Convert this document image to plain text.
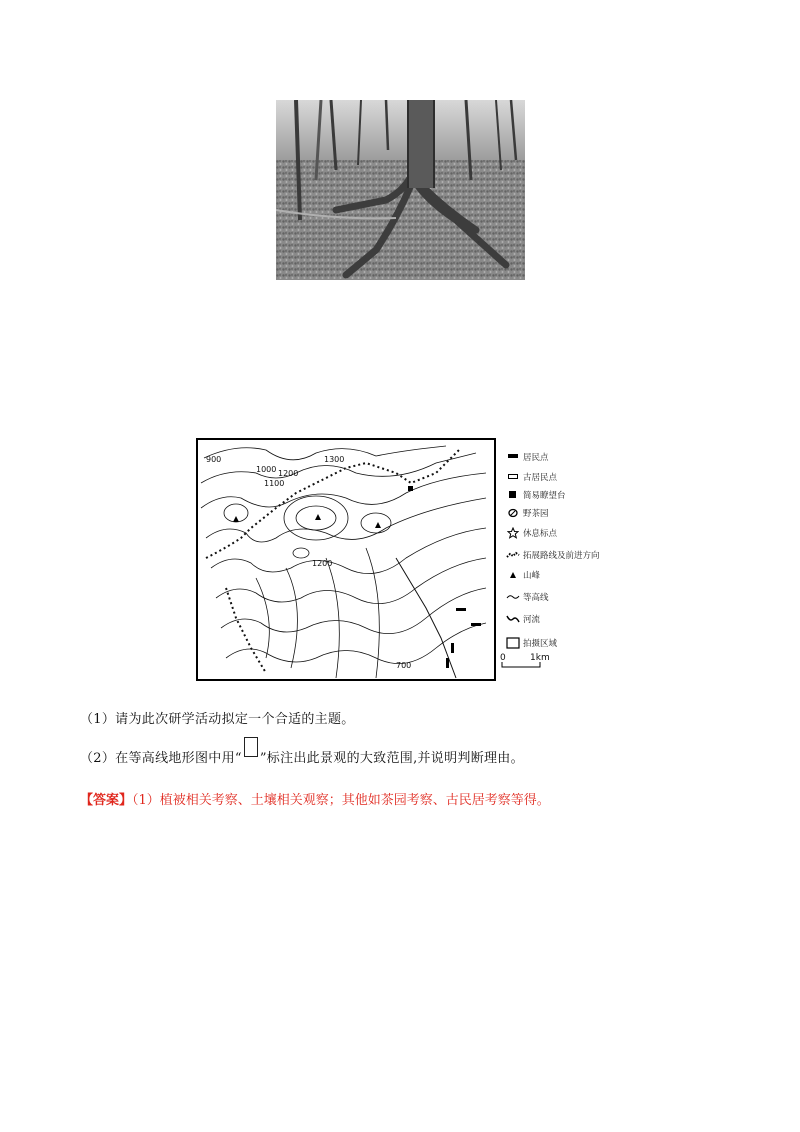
900
1000
1100
1200
1300
1200
700
居民点
古居民点
简易瞭望台
野茶园
休息标点
拓展路线及前进方向
山峰
等高线
河流
拍摄区域
0	1km
（1）请为此次研学活动拟定一个合适的主题。
（2）在等高线地形图中用“ ”标注出此景观的大致范围,并说明判断理由。
【答案】（1）植被相关考察、土壤相关观察；其他如茶园考察、古民居考察等得。
